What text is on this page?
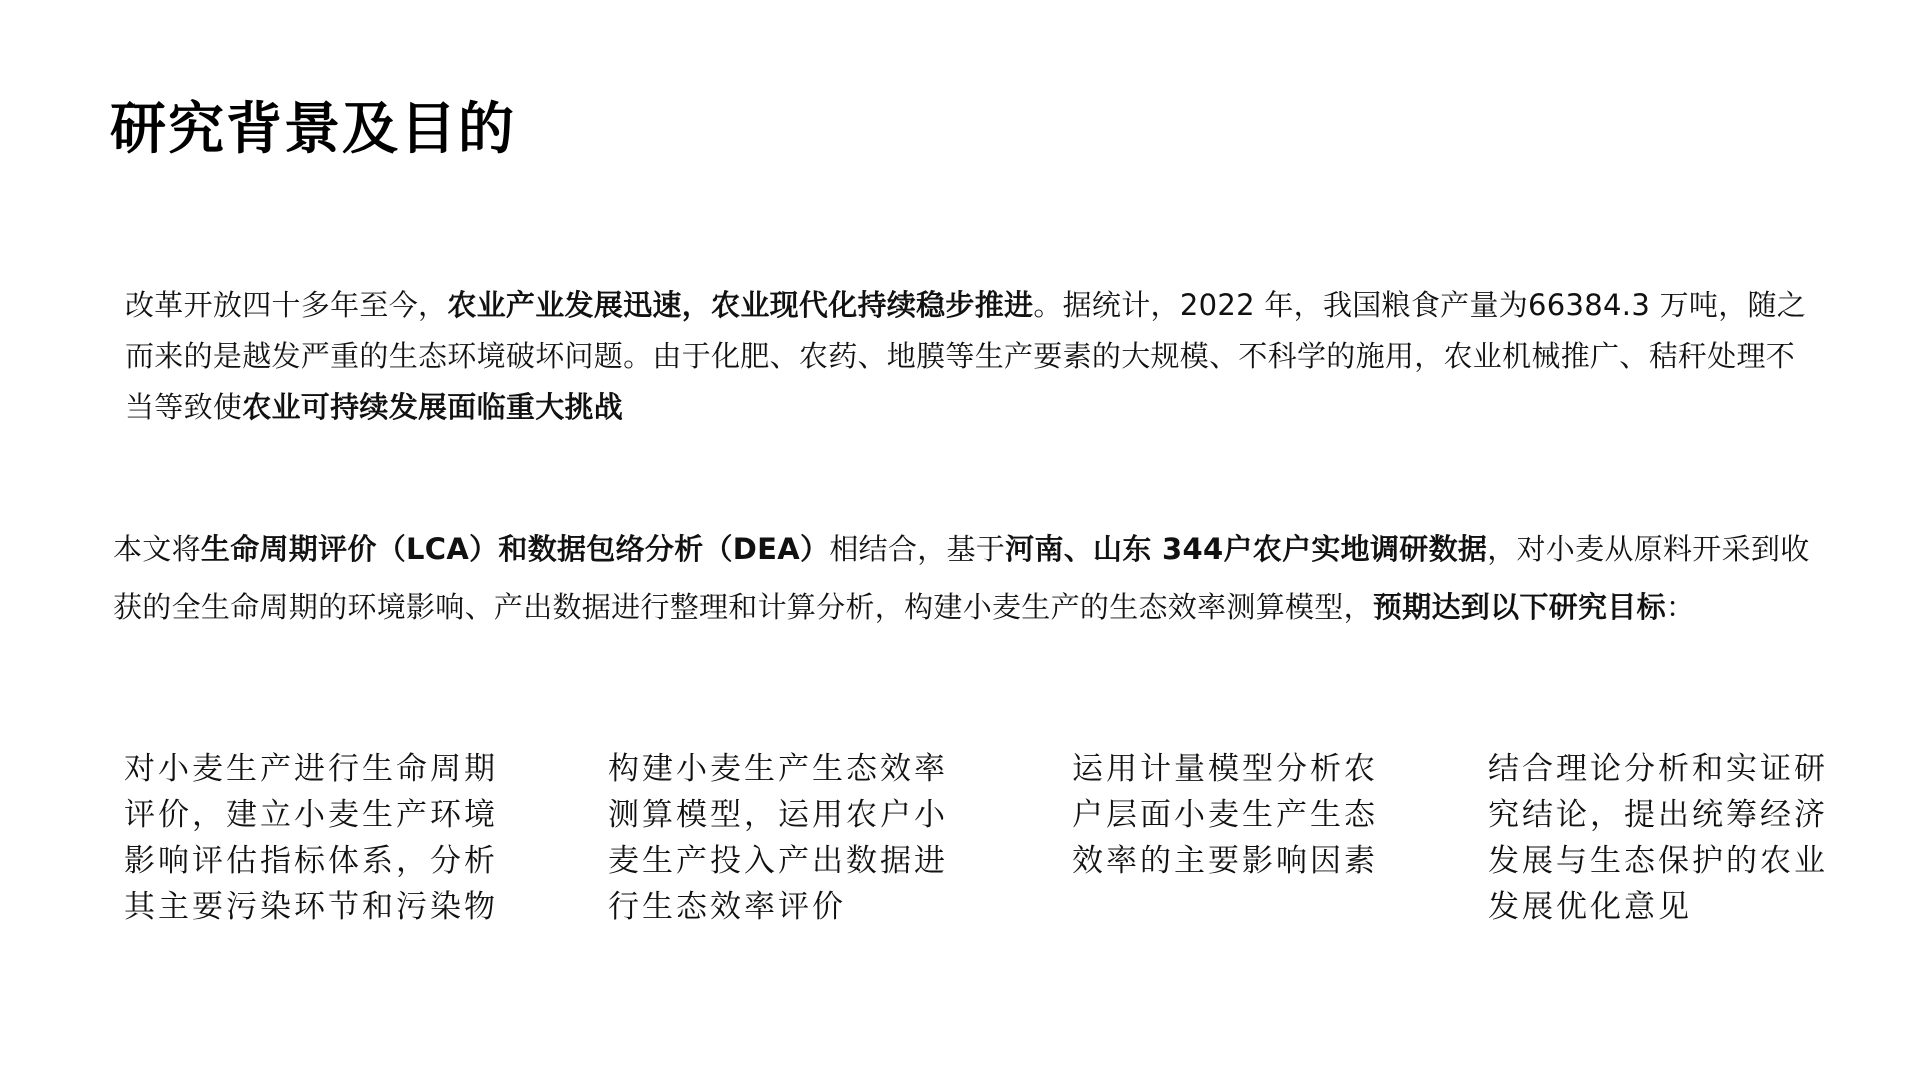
研究背景及目的

改革开放四十多年至今，农业产业发展迅速，农业现代化持续稳步推进。据统计，2022 年，我国粮食产量为66384.3 万吨，随之而来的是越发严重的生态环境破坏问题。由于化肥、农药、地膜等生产要素的大规模、不科学的施用，农业机械推广、秸秆处理不当等致使农业可持续发展面临重大挑战

本文将生命周期评价（LCA）和数据包络分析（DEA）相结合，基于河南、山东 344户农户实地调研数据，对小麦从原料开采到收获的全生命周期的环境影响、产出数据进行整理和计算分析，构建小麦生产的生态效率测算模型，预期达到以下研究目标：

对小麦生产进行生命周期评价，建立小麦生产环境影响评估指标体系，分析其主要污染环节和污染物

构建小麦生产生态效率测算模型，运用农户小麦生产投入产出数据进行生态效率评价

运用计量模型分析农户层面小麦生产生态效率的主要影响因素

结合理论分析和实证研究结论，提出统筹经济发展与生态保护的农业发展优化意见
